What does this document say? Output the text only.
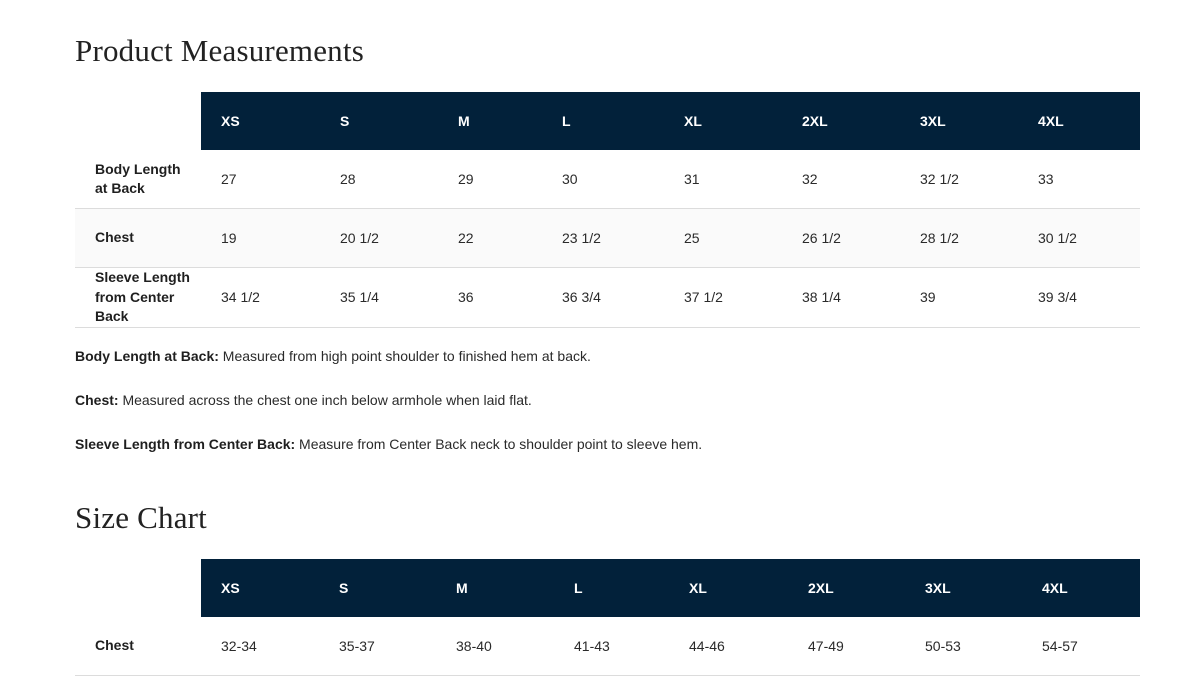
Product Measurements
	XS	S	M	L	XL	2XL	3XL	4XL
Body Length at Back	27	28	29	30	31	32	32 1/2	33
Chest	19	20 1/2	22	23 1/2	25	26 1/2	28 1/2	30 1/2
Sleeve Length from Center Back	34 1/2	35 1/4	36	36 3/4	37 1/2	38 1/4	39	39 3/4

Body Length at Back: Measured from high point shoulder to finished hem at back.

Chest: Measured across the chest one inch below armhole when laid flat.

Sleeve Length from Center Back: Measure from Center Back neck to shoulder point to sleeve hem.

Size Chart
	XS	S	M	L	XL	2XL	3XL	4XL
Chest	32-34	35-37	38-40	41-43	44-46	47-49	50-53	54-57
